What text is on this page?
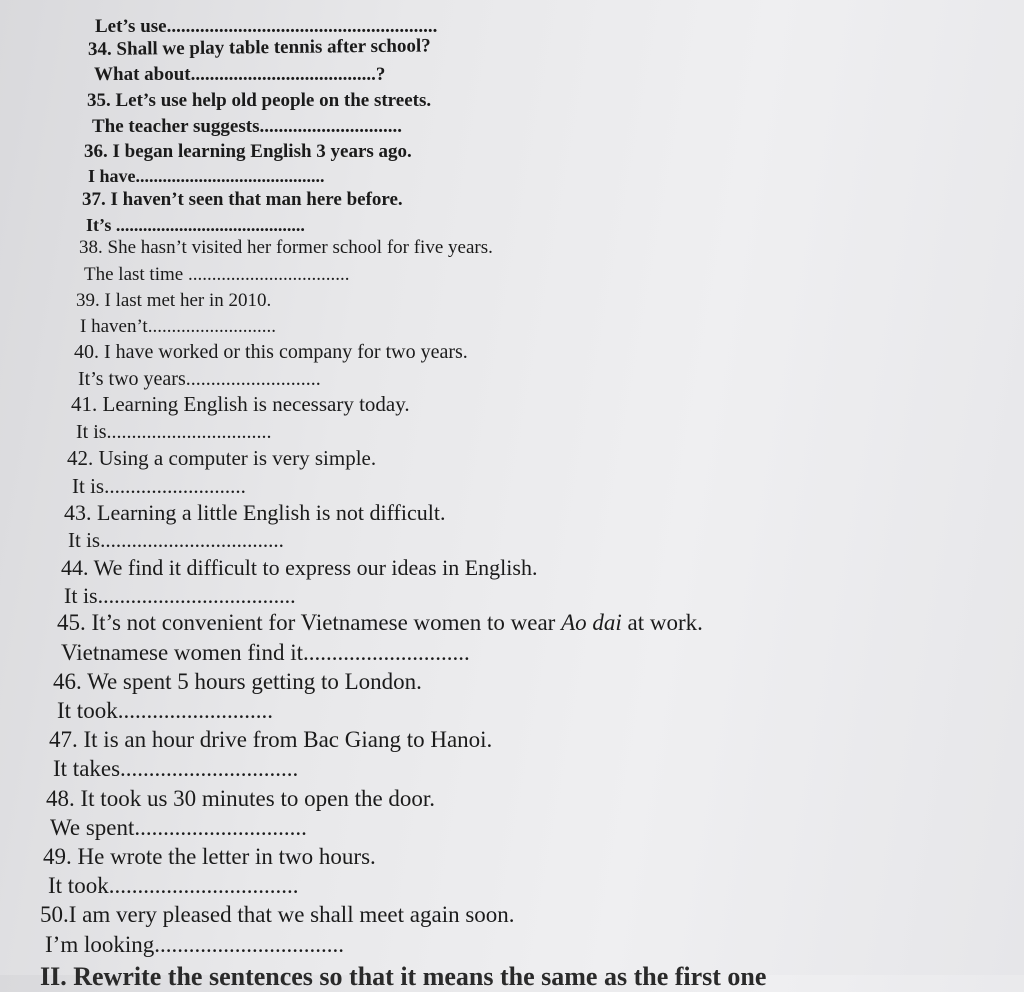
Let’s use.........................................................
34. Shall we play table tennis after school?
What about.......................................?
35. Let’s use help old people on the streets.
The teacher suggests..............................
36. I began learning English 3 years ago.
I have..........................................
37. I haven’t seen that man here before.
It’s ..........................................
38. She hasn’t visited her former school for five years.
The last time ..................................
39. I last met her in 2010.
I haven’t...........................
40. I have worked or this company for two years.
It’s two years...........................
41. Learning English is necessary today.
It is.................................
42. Using a computer is very simple.
It is...........................
43. Learning a little English is not difficult.
It is...................................
44. We find it difficult to express our ideas in English.
It is....................................
45. It’s not convenient for Vietnamese women to wear Ao dai at work.
Vietnamese women find it.............................
46. We spent 5 hours getting to London.
It took...........................
47. It is an hour drive from Bac Giang to Hanoi.
It takes...............................
48. It took us 30 minutes to open the door.
We spent..............................
49. He wrote the letter in two hours.
It took.................................
50.I am very pleased that we shall meet again soon.
I’m looking.................................
II. Rewrite the sentences so that it means the same as the first one
